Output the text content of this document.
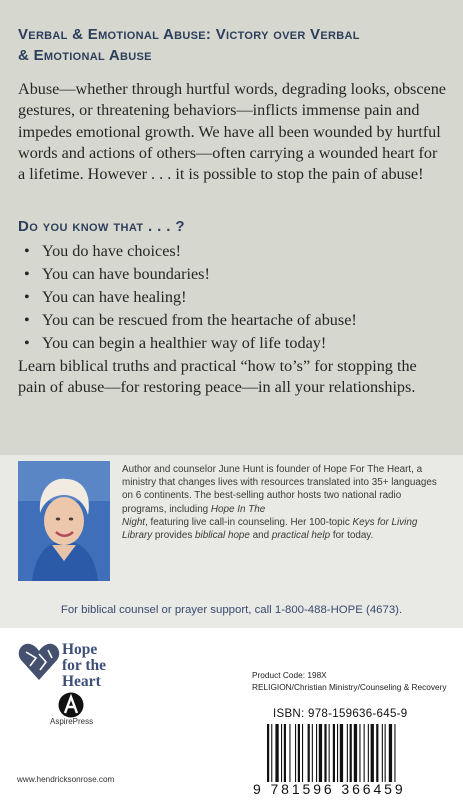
Verbal & Emotional Abuse: Victory over Verbal
& Emotional Abuse
Abuse—whether through hurtful words, degrading looks, obscene gestures, or threatening behaviors—inflicts immense pain and impedes emotional growth. We have all been wounded by hurtful words and actions of others—often carrying a wounded heart for a lifetime. However . . . it is possible to stop the pain of abuse!
Do you know that . . . ?
• You do have choices!
• You can have boundaries!
• You can have healing!
• You can be rescued from the heartache of abuse!
• You can begin a healthier way of life today!
Learn biblical truths and practical “how to’s” for stopping the pain of abuse—for restoring peace—in all your relationships.
Author and counselor June Hunt is founder of Hope For The Heart, a ministry that changes lives with resources translated into 35+ languages on 6 continents. The best-selling author hosts two national radio programs, including Hope In The
Night, featuring live call-in counseling. Her 100-topic Keys for Living Library provides biblical hope and practical help for today.
For biblical counsel or prayer support, call 1-800-488-HOPE (4673).
Hope
for the
Heart
AspirePress
www.hendricksonrose.com
Product Code: 198X
RELIGION/Christian Ministry/Counseling & Recovery
ISBN: 978-159636-645-9
9 781596 366459
